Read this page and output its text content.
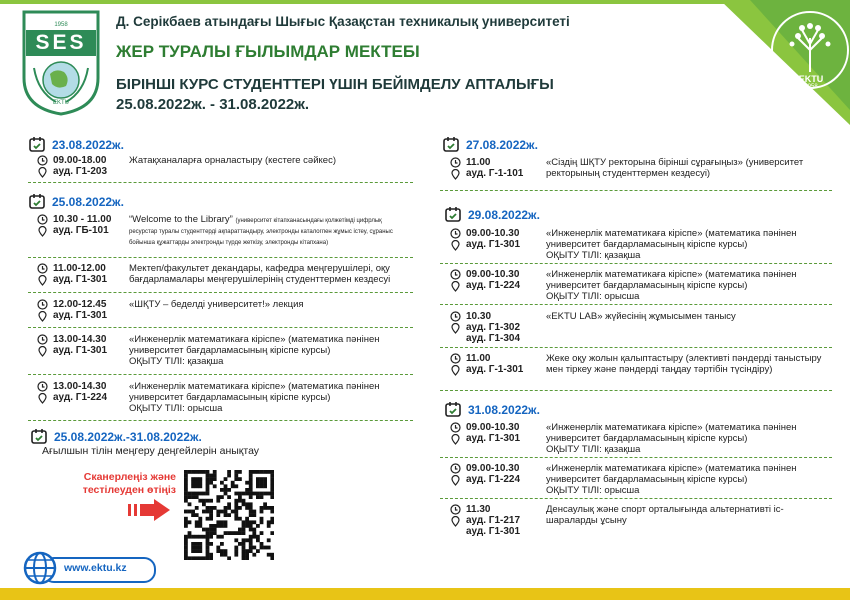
EKTU
1958
1958
SES
EKTU
Д. Серікбаев атындағы Шығыс Қазақстан техникалық университеті
ЖЕР ТУРАЛЫ ҒЫЛЫМДАР МЕКТЕБІ
БІРІНШІ КУРС СТУДЕНТТЕРІ ҮШІН БЕЙІМДЕЛУ АПТАЛЫҒЫ
25.08.2022ж. - 31.08.2022ж.
23.08.2022ж.
09.00-18.00
ауд. Г1-203
Жатақханаларға орналастыру (кестеге сәйкес)
25.08.2022ж.
10.30 - 11.00
ауд. ГБ-101
“Welcome to the Library” (университет кітапханасындағы қолжетімді цифрлық ресурстар туралы студенттерді ақпараттандыру, электронды каталогпен жұмыс істеу, сұраныс бойынша құжаттарды электронды түрде жеткізу, электронды кітапхана)
11.00-12.00
ауд. Г1-301
Мектеп/факультет декандары, кафедра меңгерушілері, оқу бағдарламалары меңгерушілерінің студенттермен кездесуі
12.00-12.45
ауд. Г1-301
«ШҚТУ – беделді университет!» лекция
13.00-14.30
ауд. Г1-301
«Инженерлік математикаға кіріспе» (математика пәнінен университет бағдарламасының кіріспе курсы)
ОҚЫТУ ТІЛІ: қазақша
13.00-14.30
ауд. Г1-224
«Инженерлік математикаға кіріспе» (математика пәнінен университет бағдарламасының кіріспе курсы)
ОҚЫТУ ТІЛІ: орысша
25.08.2022ж.-31.08.2022ж.
Ағылшын тілін меңгеру деңгейлерін анықтау
Сканерлеңіз және тестілеуден өтіңіз
www.ektu.kz
27.08.2022ж.
11.00
ауд. Г-1-101
«Сіздің ШҚТУ ректорына бірінші сұрағыңыз» (университет ректорының студенттермен кездесуі)
29.08.2022ж.
09.00-10.30
ауд. Г1-301
«Инженерлік математикаға кіріспе» (математика пәнінен университет бағдарламасының кіріспе курсы)
ОҚЫТУ ТІЛІ: қазақша
09.00-10.30
ауд. Г1-224
«Инженерлік математикаға кіріспе» (математика пәнінен университет бағдарламасының кіріспе курсы)
ОҚЫТУ ТІЛІ: орысша
10.30
ауд. Г1-302
ауд. Г1-304
«EKTU LAB» жүйесінің жұмысымен танысу
11.00
ауд. Г-1-301
Жеке оқу жолын қалыптастыру (элективті пәндерді таныстыру мен тіркеу және пәндерді таңдау тәртібін түсіндіру)
31.08.2022ж.
09.00-10.30
ауд. Г1-301
«Инженерлік математикаға кіріспе» (математика пәнінен университет бағдарламасының кіріспе курсы)
ОҚЫТУ ТІЛІ: қазақша
09.00-10.30
ауд. Г1-224
«Инженерлік математикаға кіріспе» (математика пәнінен университет бағдарламасының кіріспе курсы)
ОҚЫТУ ТІЛІ: орысша
11.30
ауд. Г1-217
ауд. Г1-301
Денсаулық және спорт орталығында альтернативті іс-шараларды ұсыну
